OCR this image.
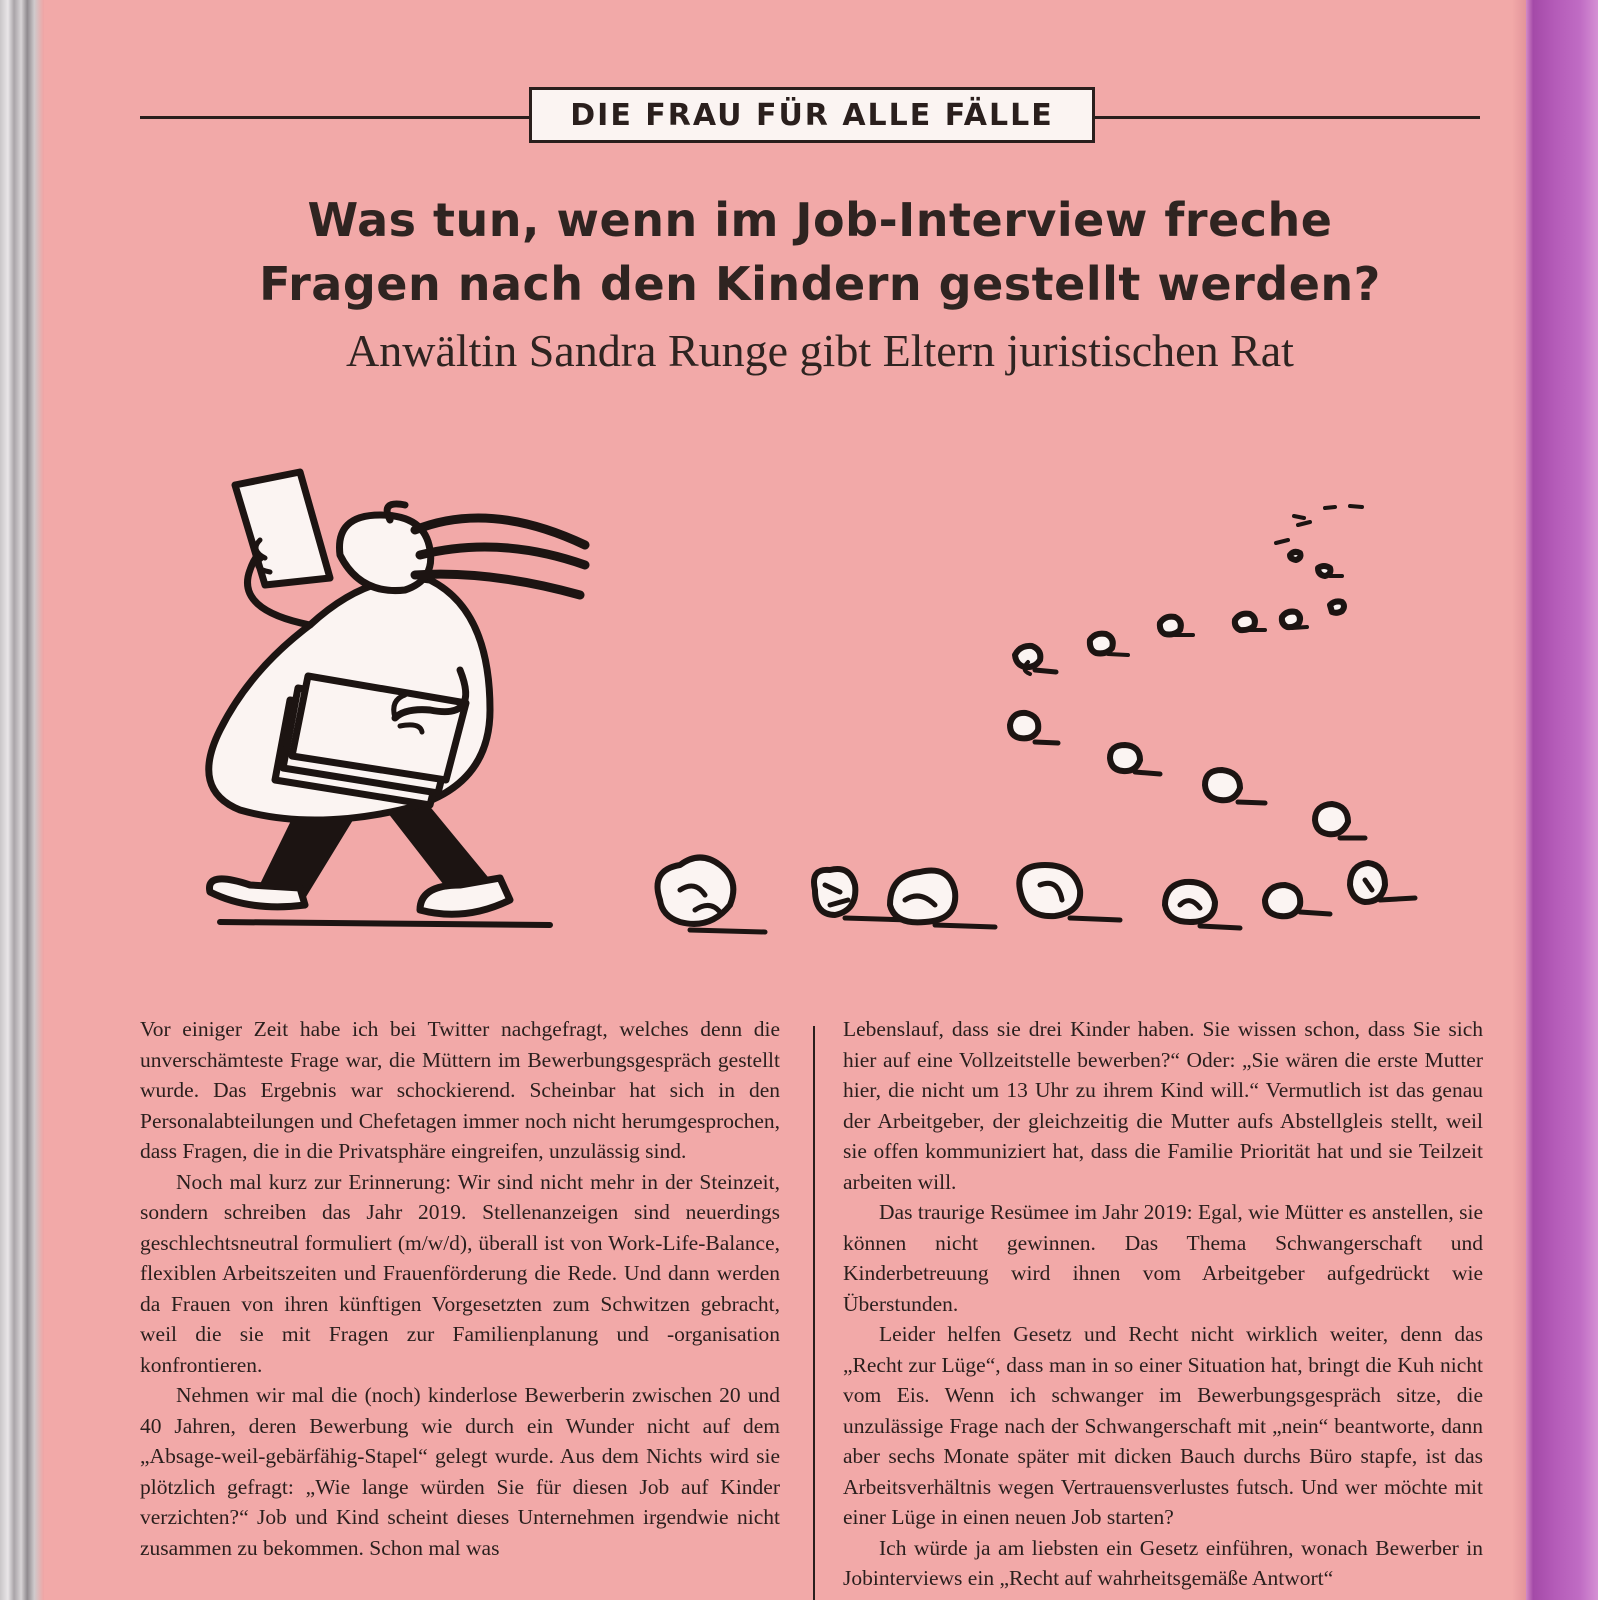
DIE FRAU FÜR ALLE FÄLLE
Was tun, wenn im Job-Interview freche
Fragen nach den Kindern gestellt werden?
Anwältin Sandra Runge gibt Eltern juristischen Rat

Vor einiger Zeit habe ich bei Twitter nachgefragt, welches denn die unverschämteste Frage war, die Müttern im Bewerbungsgespräch gestellt wurde. Das Ergebnis war schockierend. Scheinbar hat sich in den Personalabteilungen und Chefetagen immer noch nicht herumgesprochen, dass Fragen, die in die Privatsphäre eingreifen, unzulässig sind.

Noch mal kurz zur Erinnerung: Wir sind nicht mehr in der Steinzeit, sondern schreiben das Jahr 2019. Stellenanzeigen sind neuerdings geschlechtsneutral formuliert (m/w/d), überall ist von Work-Life-Balance, flexiblen Arbeitszeiten und Frauenförderung die Rede. Und dann werden da Frauen von ihren künftigen Vorgesetzten zum Schwitzen gebracht, weil die sie mit Fragen zur Familienplanung und -organisation konfrontieren.

Nehmen wir mal die (noch) kinderlose Bewerberin zwischen 20 und 40 Jahren, deren Bewerbung wie durch ein Wunder nicht auf dem „Absage-weil-gebärfähig-Stapel“ gelegt wurde. Aus dem Nichts wird sie plötzlich gefragt: „Wie lange würden Sie für diesen Job auf Kinder verzichten?“ Job und Kind scheint dieses Unternehmen irgendwie nicht zusammen zu bekommen. Schon mal was

Lebenslauf, dass sie drei Kinder haben. Sie wissen schon, dass Sie sich hier auf eine Vollzeitstelle bewerben?“ Oder: „Sie wären die erste Mutter hier, die nicht um 13 Uhr zu ihrem Kind will.“ Vermutlich ist das genau der Arbeitgeber, der gleichzeitig die Mutter aufs Abstellgleis stellt, weil sie offen kommuniziert hat, dass die Familie Priorität hat und sie Teilzeit arbeiten will.

Das traurige Resümee im Jahr 2019: Egal, wie Mütter es anstellen, sie können nicht gewinnen. Das Thema Schwangerschaft und Kinderbetreuung wird ihnen vom Arbeitgeber aufgedrückt wie Überstunden.

Leider helfen Gesetz und Recht nicht wirklich weiter, denn das „Recht zur Lüge“, dass man in so einer Situation hat, bringt die Kuh nicht vom Eis. Wenn ich schwanger im Bewerbungsgespräch sitze, die unzulässige Frage nach der Schwangerschaft mit „nein“ beantworte, dann aber sechs Monate später mit dicken Bauch durchs Büro stapfe, ist das Arbeitsverhältnis wegen Vertrauensverlustes futsch. Und wer möchte mit einer Lüge in einen neuen Job starten?

Ich würde ja am liebsten ein Gesetz einführen, wonach Bewerber in Jobinterviews ein „Recht auf wahrheitsgemäße Antwort“
